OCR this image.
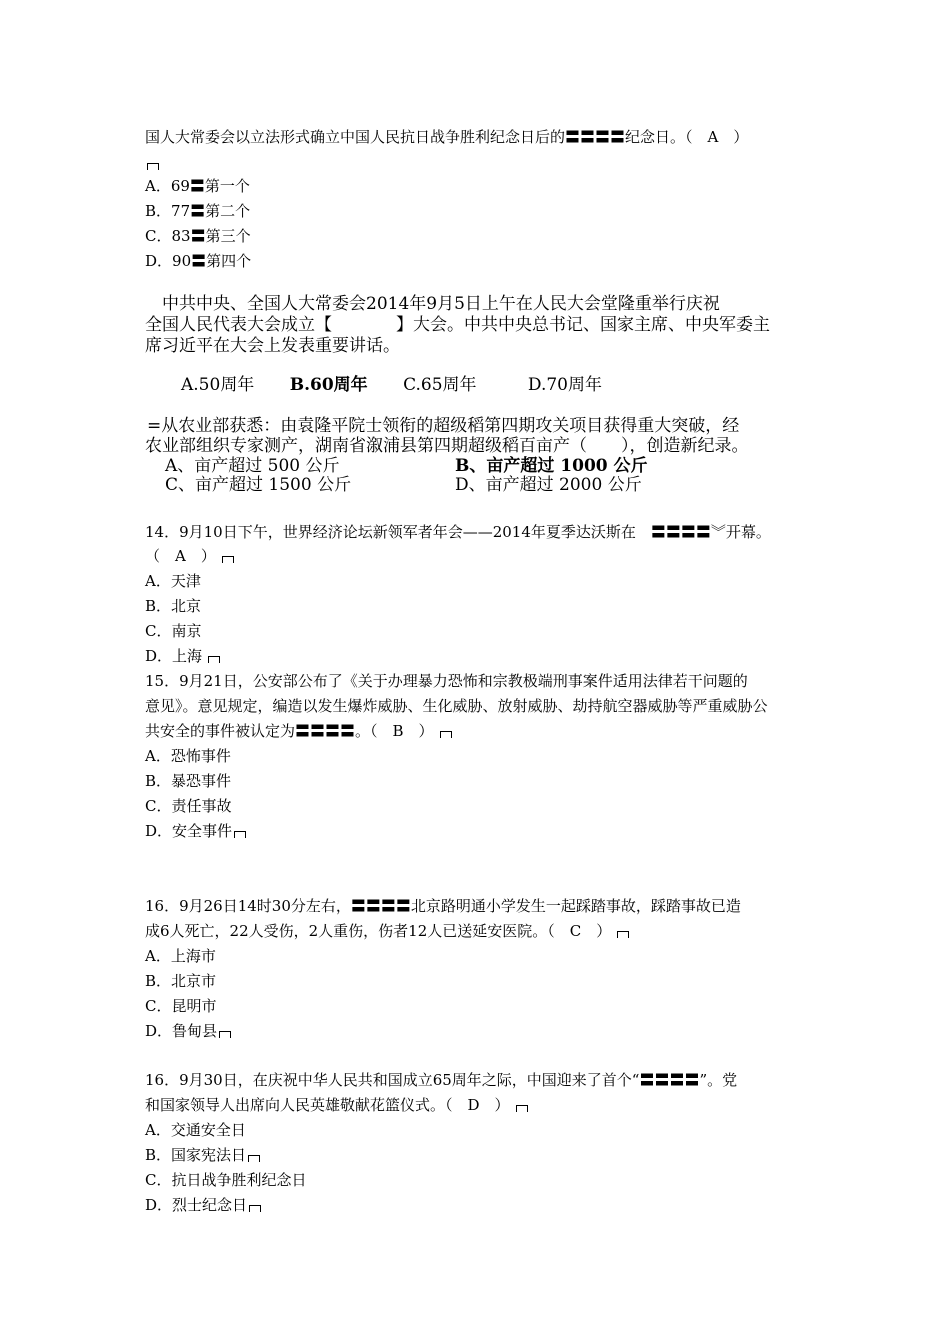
国人大常委会以立法形式确立中国人民抗日战争胜利纪念日后的〓〓〓〓纪念日。（　A　）
A．69〓第一个
B．77〓第二个
C．83〓第三个
D．90〓第四个
　中共中央、全国人大常委会2014年9月5日上午在人民大会堂隆重举行庆祝
全国人民代表大会成立【	】大会。中共中央总书记、国家主席、中央军委主
席习近平在大会上发表重要讲话。
A.50周年 B.60周年 C.65周年	D.70周年
=从农业部获悉：由袁隆平院士领衔的超级稻第四期攻关项目获得重大突破，经
农业部组织专家测产，湖南省溆浦县第四期超级稻百亩产（ ），创造新纪录。
A、亩产超过 500 公斤	B、亩产超过 1000 公斤
C、亩产超过 1500 公斤	D、亩产超过 2000 公斤
14．9月10日下午，世界经济论坛新领军者年会——2014年夏季达沃斯在　〓〓〓〓︾开幕。
（　A　）
A．天津
B．北京
C．南京
D．上海
15．9月21日，公安部公布了《关于办理暴力恐怖和宗教极端刑事案件适用法律若干问题的
意见》。意见规定，编造以发生爆炸威胁、生化威胁、放射威胁、劫持航空器威胁等严重威胁公
共安全的事件被认定为〓〓〓〓。（　B　）
A．恐怖事件
B．暴恐事件
C．责任事故
D．安全事件
16．9月26日14时30分左右，〓〓〓〓北京路明通小学发生一起踩踏事故，踩踏事故已造
成6人死亡，22人受伤，2人重伤，伤者12人已送延安医院。（　C　）
A．上海市
B．北京市
C．昆明市
D．鲁甸县
16．9月30日，在庆祝中华人民共和国成立65周年之际，中国迎来了首个“〓〓〓〓”。党
和国家领导人出席向人民英雄敬献花篮仪式。（　D　）
A．交通安全日
B．国家宪法日
C．抗日战争胜利纪念日
D．烈士纪念日
